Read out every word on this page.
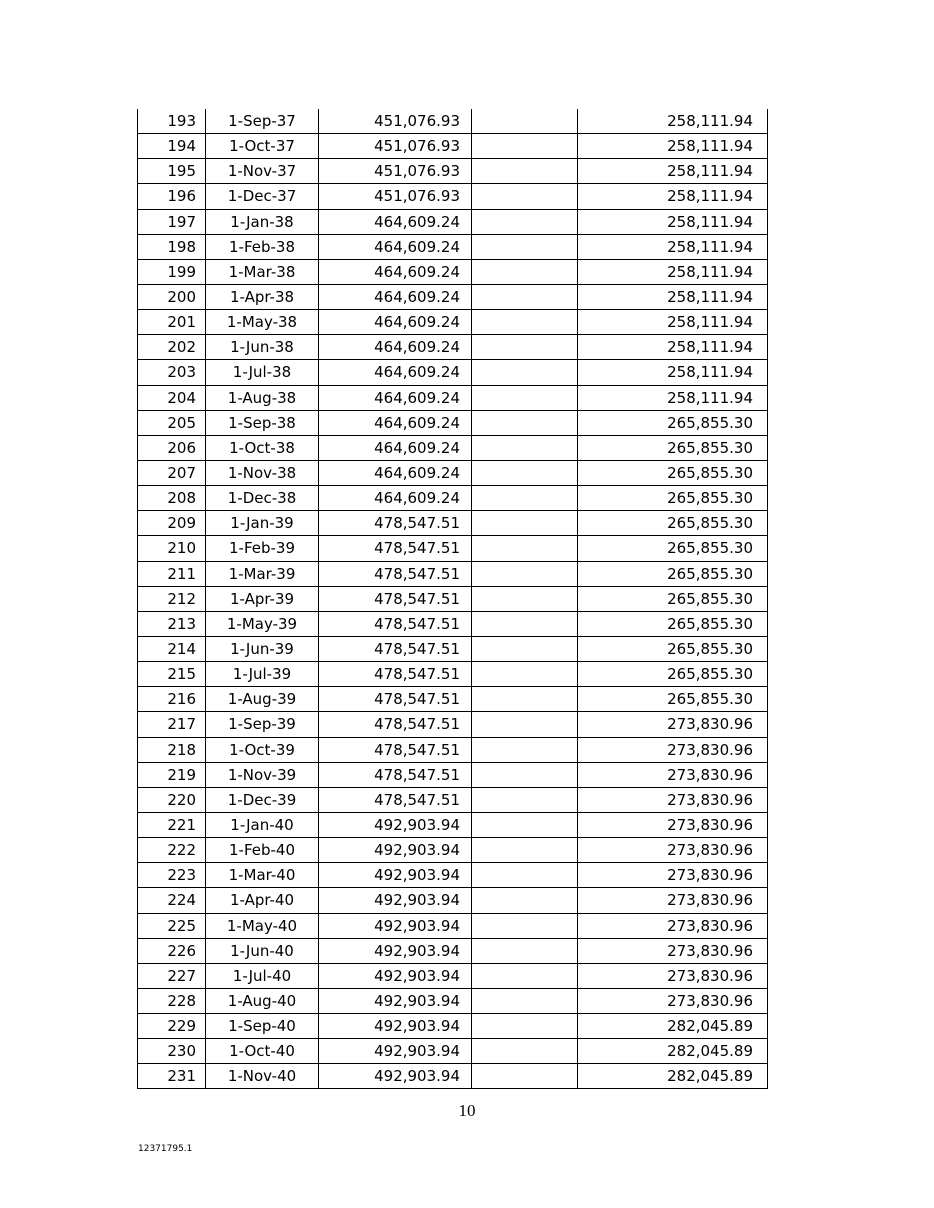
193	1-Sep-37	451,076.93		258,111.94
194	1-Oct-37	451,076.93		258,111.94
195	1-Nov-37	451,076.93		258,111.94
196	1-Dec-37	451,076.93		258,111.94
197	1-Jan-38	464,609.24		258,111.94
198	1-Feb-38	464,609.24		258,111.94
199	1-Mar-38	464,609.24		258,111.94
200	1-Apr-38	464,609.24		258,111.94
201	1-May-38	464,609.24		258,111.94
202	1-Jun-38	464,609.24		258,111.94
203	1-Jul-38	464,609.24		258,111.94
204	1-Aug-38	464,609.24		258,111.94
205	1-Sep-38	464,609.24		265,855.30
206	1-Oct-38	464,609.24		265,855.30
207	1-Nov-38	464,609.24		265,855.30
208	1-Dec-38	464,609.24		265,855.30
209	1-Jan-39	478,547.51		265,855.30
210	1-Feb-39	478,547.51		265,855.30
211	1-Mar-39	478,547.51		265,855.30
212	1-Apr-39	478,547.51		265,855.30
213	1-May-39	478,547.51		265,855.30
214	1-Jun-39	478,547.51		265,855.30
215	1-Jul-39	478,547.51		265,855.30
216	1-Aug-39	478,547.51		265,855.30
217	1-Sep-39	478,547.51		273,830.96
218	1-Oct-39	478,547.51		273,830.96
219	1-Nov-39	478,547.51		273,830.96
220	1-Dec-39	478,547.51		273,830.96
221	1-Jan-40	492,903.94		273,830.96
222	1-Feb-40	492,903.94		273,830.96
223	1-Mar-40	492,903.94		273,830.96
224	1-Apr-40	492,903.94		273,830.96
225	1-May-40	492,903.94		273,830.96
226	1-Jun-40	492,903.94		273,830.96
227	1-Jul-40	492,903.94		273,830.96
228	1-Aug-40	492,903.94		273,830.96
229	1-Sep-40	492,903.94		282,045.89
230	1-Oct-40	492,903.94		282,045.89
231	1-Nov-40	492,903.94		282,045.89
10
12371795.1
